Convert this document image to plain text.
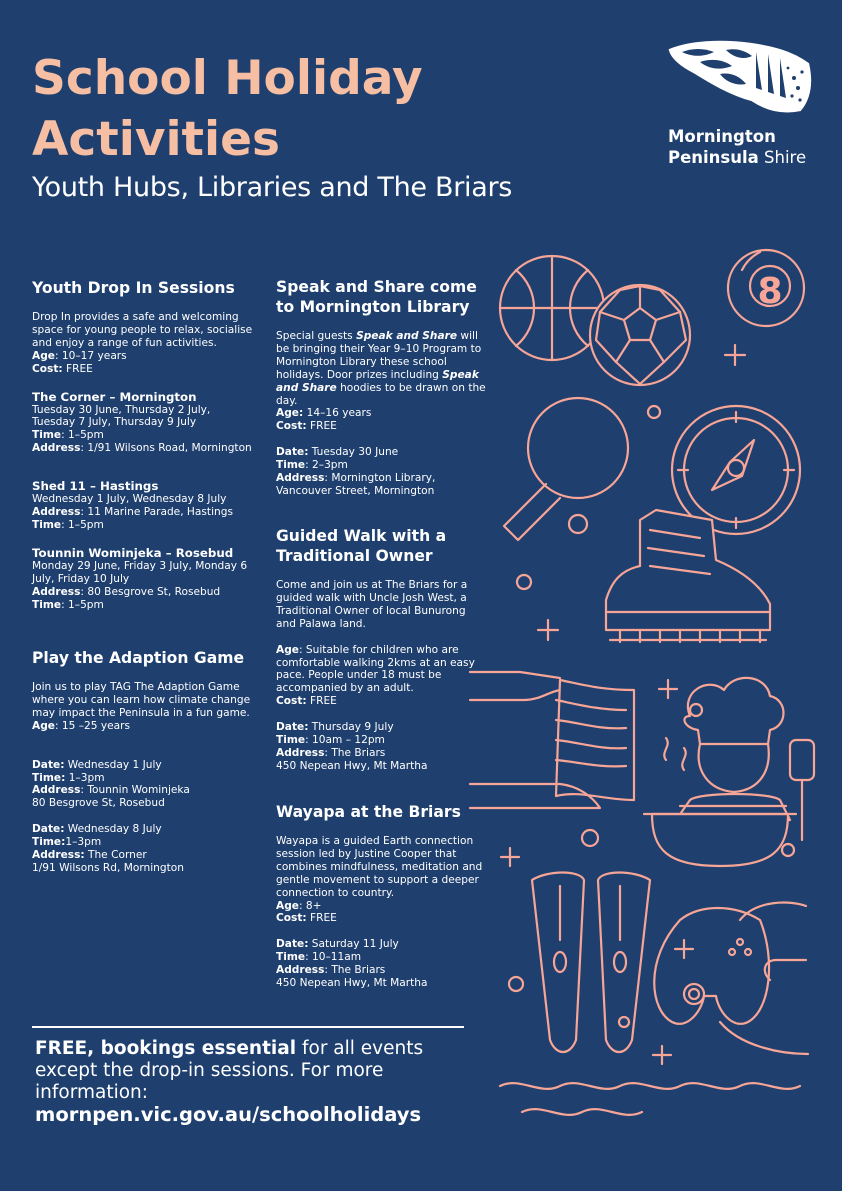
School Holiday
Activities
Youth Hubs, Libraries and The Briars
Mornington
Peninsula Shire
Youth Drop In Sessions

Drop In provides a safe and welcoming space for young people to relax, socialise and enjoy a range of fun activities.

Age: 10–17 years

Cost: FREE

The Corner – Mornington

Tuesday 30 June, Thursday 2 July, Tuesday 7 July, Thursday 9 July

Time: 1–5pm

Address: 1/91 Wilsons Road, Mornington

Shed 11 – Hastings

Wednesday 1 July, Wednesday 8 July

Address: 11 Marine Parade, Hastings

Time: 1–5pm

Tounnin Wominjeka – Rosebud

Monday 29 June, Friday 3 July, Monday 6 July, Friday 10 July

Address: 80 Besgrove St, Rosebud

Time: 1–5pm

Play the Adaption Game

Join us to play TAG The Adaption Game where you can learn how climate change may impact the Peninsula in a fun game.

Age: 15 –25 years

Date: Wednesday 1 July

Time: 1–3pm

Address: Tounnin Wominjeka

80 Besgrove St, Rosebud

Date: Wednesday 8 July

Time:1–3pm

Address: The Corner

1/91 Wilsons Rd, Mornington

Speak and Share come to Mornington Library

Special guests Speak and Share will be bringing their Year 9–10 Program to Mornington Library these school holidays. Door prizes including Speak and Share hoodies to be drawn on the day.

Age: 14–16 years

Cost: FREE

Date: Tuesday 30 June

Time: 2–3pm

Address: Mornington Library, Vancouver Street, Mornington

Guided Walk with a Traditional Owner

Come and join us at The Briars for a guided walk with Uncle Josh West, a Traditional Owner of local Bunurong and Palawa land.

Age: Suitable for children who are comfortable walking 2kms at an easy pace. People under 18 must be accompanied by an adult.

Cost: FREE

Date: Thursday 9 July

Time: 10am – 12pm

Address: The Briars

450 Nepean Hwy, Mt Martha

Wayapa at the Briars

Wayapa is a guided Earth connection session led by Justine Cooper that combines mindfulness, meditation and gentle movement to support a deeper connection to country.

Age: 8+

Cost: FREE

Date: Saturday 11 July

Time: 10–11am

Address: The Briars

450 Nepean Hwy, Mt Martha

FREE, bookings essential for all events except the drop-in sessions. For more information:
mornpen.vic.gov.au/schoolholidays
8
